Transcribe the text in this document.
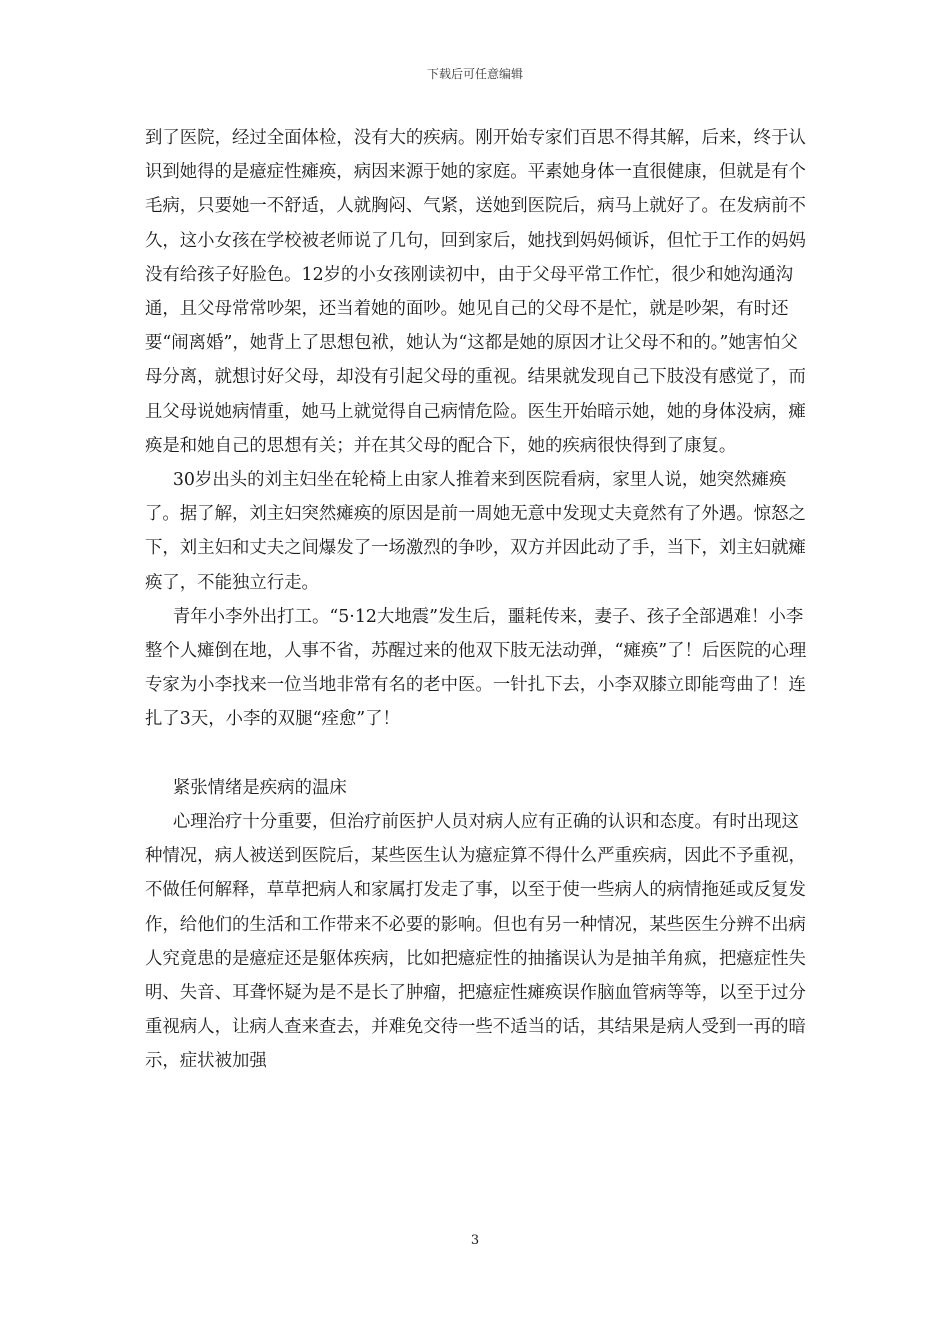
下载后可任意编辑

到了医院，经过全面体检，没有大的疾病。刚开始专家们百思不得其解，后来，终于认识到她得的是癔症性瘫痪，病因来源于她的家庭。平素她身体一直很健康，但就是有个毛病，只要她一不舒适，人就胸闷、气紧，送她到医院后，病马上就好了。在发病前不久，这小女孩在学校被老师说了几句，回到家后，她找到妈妈倾诉，但忙于工作的妈妈没有给孩子好脸色。12岁的小女孩刚读初中，由于父母平常工作忙，很少和她沟通沟通，且父母常常吵架，还当着她的面吵。她见自己的父母不是忙，就是吵架，有时还要“闹离婚”，她背上了思想包袱，她认为“这都是她的原因才让父母不和的。”她害怕父母分离，就想讨好父母，却没有引起父母的重视。结果就发现自己下肢没有感觉了，而且父母说她病情重，她马上就觉得自己病情危险。医生开始暗示她，她的身体没病，瘫痪是和她自己的思想有关；并在其父母的配合下，她的疾病很快得到了康复。

30岁出头的刘主妇坐在轮椅上由家人推着来到医院看病，家里人说，她突然瘫痪了。据了解，刘主妇突然瘫痪的原因是前一周她无意中发现丈夫竟然有了外遇。惊怒之下，刘主妇和丈夫之间爆发了一场激烈的争吵，双方并因此动了手，当下，刘主妇就瘫痪了，不能独立行走。

青年小李外出打工。“5·12大地震”发生后，噩耗传来，妻子、孩子全部遇难！小李整个人瘫倒在地，人事不省，苏醒过来的他双下肢无法动弹，“瘫痪”了！后医院的心理专家为小李找来一位当地非常有名的老中医。一针扎下去，小李双膝立即能弯曲了！连扎了3天，小李的双腿“痊愈”了！

紧张情绪是疾病的温床

心理治疗十分重要，但治疗前医护人员对病人应有正确的认识和态度。有时出现这种情况，病人被送到医院后，某些医生认为癔症算不得什么严重疾病，因此不予重视，不做任何解释，草草把病人和家属打发走了事，以至于使一些病人的病情拖延或反复发作，给他们的生活和工作带来不必要的影响。但也有另一种情况，某些医生分辨不出病人究竟患的是癔症还是躯体疾病，比如把癔症性的抽搐误认为是抽羊角疯，把癔症性失明、失音、耳聋怀疑为是不是长了肿瘤，把癔症性瘫痪误作脑血管病等等，以至于过分重视病人，让病人查来查去，并难免交待一些不适当的话，其结果是病人受到一再的暗示，症状被加强

3
